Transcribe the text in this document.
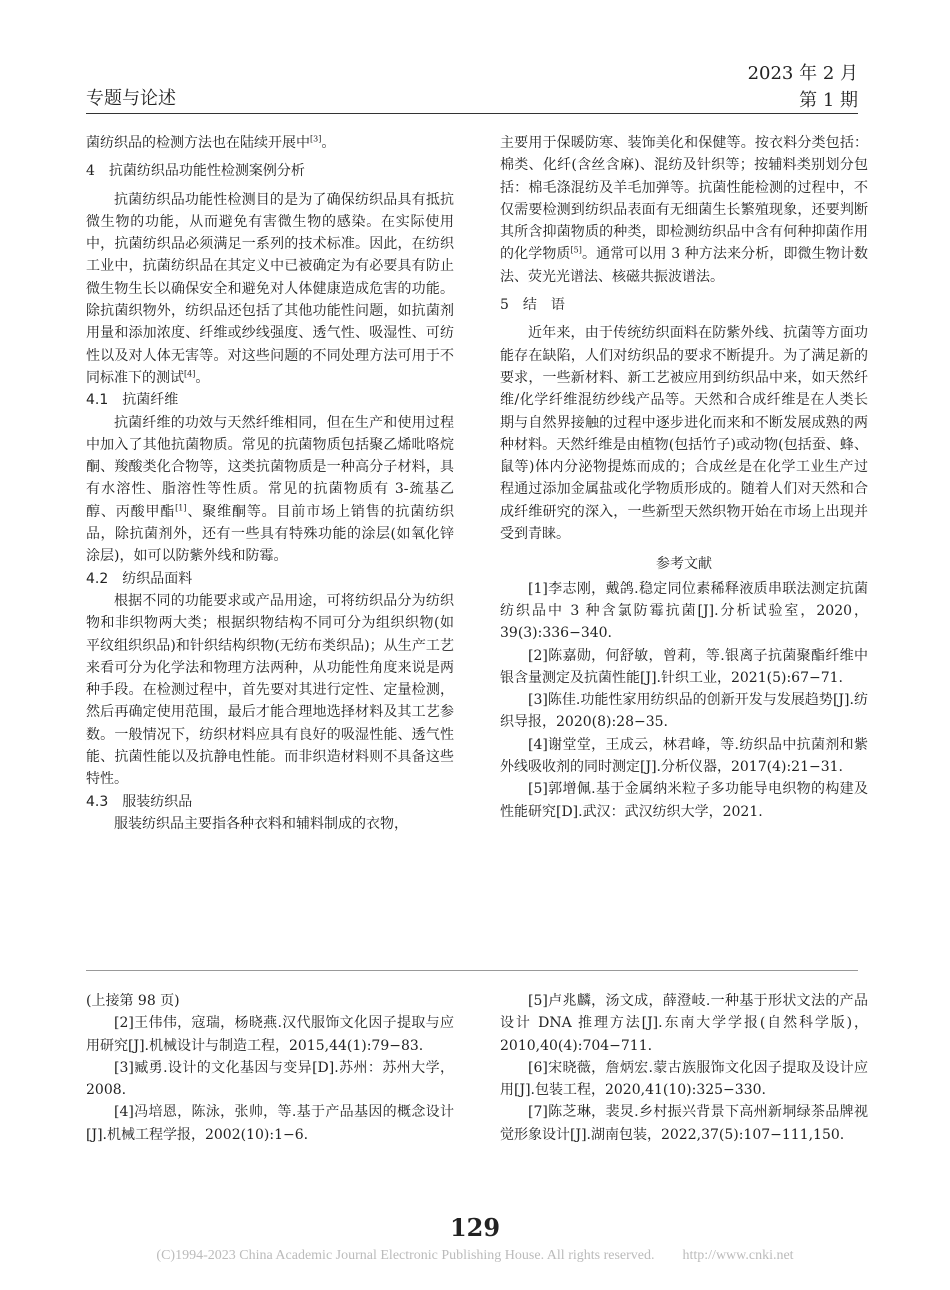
专题与论述
2023 年 2 月
第 1 期

菌纺织品的检测方法也在陆续开展中[3]。

4　抗菌纺织品功能性检测案例分析

抗菌纺织品功能性检测目的是为了确保纺织品具有抵抗微生物的功能，从而避免有害微生物的感染。在实际使用中，抗菌纺织品必须满足一系列的技术标准。因此，在纺织工业中，抗菌纺织品在其定义中已被确定为有必要具有防止微生物生长以确保安全和避免对人体健康造成危害的功能。除抗菌织物外，纺织品还包括了其他功能性问题，如抗菌剂用量和添加浓度、纤维或纱线强度、透气性、吸湿性、可纺性以及对人体无害等。对这些问题的不同处理方法可用于不同标准下的测试[4]。

4.1　抗菌纤维

抗菌纤维的功效与天然纤维相同，但在生产和使用过程中加入了其他抗菌物质。常见的抗菌物质包括聚乙烯吡咯烷酮、羧酸类化合物等，这类抗菌物质是一种高分子材料，具有水溶性、脂溶性等性质。常见的抗菌物质有 3-巯基乙醇、丙酸甲酯[1]、聚维酮等。目前市场上销售的抗菌纺织品，除抗菌剂外，还有一些具有特殊功能的涂层(如氧化锌涂层)，如可以防紫外线和防霉。

4.2　纺织品面料

根据不同的功能要求或产品用途，可将纺织品分为纺织物和非织物两大类；根据织物结构不同可分为组织织物(如平纹组织织品)和针织结构织物(无纺布类织品)；从生产工艺来看可分为化学法和物理方法两种，从功能性角度来说是两种手段。在检测过程中，首先要对其进行定性、定量检测，然后再确定使用范围，最后才能合理地选择材料及其工艺参数。一般情况下，纺织材料应具有良好的吸湿性能、透气性能、抗菌性能以及抗静电性能。而非织造材料则不具备这些特性。

4.3　服装纺织品

服装纺织品主要指各种衣料和辅料制成的衣物，

主要用于保暖防寒、装饰美化和保健等。按衣料分类包括：棉类、化纤(含丝含麻)、混纺及针织等；按辅料类别划分包括：棉毛涤混纺及羊毛加弹等。抗菌性能检测的过程中，不仅需要检测到纺织品表面有无细菌生长繁殖现象，还要判断其所含抑菌物质的种类，即检测纺织品中含有何种抑菌作用的化学物质[5]。通常可以用 3 种方法来分析，即微生物计数法、荧光光谱法、核磁共振波谱法。

5　结　语

近年来，由于传统纺织面料在防紫外线、抗菌等方面功能存在缺陷，人们对纺织品的要求不断提升。为了满足新的要求，一些新材料、新工艺被应用到纺织品中来，如天然纤维/化学纤维混纺纱线产品等。天然和合成纤维是在人类长期与自然界接触的过程中逐步进化而来和不断发展成熟的两种材料。天然纤维是由植物(包括竹子)或动物(包括蚕、蜂、鼠等)体内分泌物提炼而成的；合成丝是在化学工业生产过程通过添加金属盐或化学物质形成的。随着人们对天然和合成纤维研究的深入，一些新型天然织物开始在市场上出现并受到青睐。

参考文献

[1]李志刚，戴鸽.稳定同位素稀释液质串联法测定抗菌纺织品中 3 种含氯防霉抗菌[J].分析试验室，2020，39(3):336−340.

[2]陈嘉勋，何舒敏，曾莉，等.银离子抗菌聚酯纤维中银含量测定及抗菌性能[J].针织工业，2021(5):67−71.

[3]陈佳.功能性家用纺织品的创新开发与发展趋势[J].纺织导报，2020(8):28−35.

[4]谢堂堂，王成云，林君峰，等.纺织品中抗菌剂和紫外线吸收剂的同时测定[J].分析仪器，2017(4):21−31.

[5]郭增佩.基于金属纳米粒子多功能导电织物的构建及性能研究[D].武汉：武汉纺织大学，2021.

(上接第 98 页)

[2]王伟伟，寇瑞，杨晓燕.汉代服饰文化因子提取与应用研究[J].机械设计与制造工程，2015,44(1):79−83.

[3]臧勇.设计的文化基因与变异[D].苏州：苏州大学，2008.

[4]冯培恩，陈泳，张帅，等.基于产品基因的概念设计[J].机械工程学报，2002(10):1−6.

[5]卢兆麟，汤文成，薛澄岐.一种基于形状文法的产品设计 DNA 推理方法[J].东南大学学报(自然科学版)，2010,40(4):704−711.

[6]宋晓薇，詹炳宏.蒙古族服饰文化因子提取及设计应用[J].包装工程，2020,41(10):325−330.

[7]陈芝琳，裴炅.乡村振兴背景下高州新垌绿茶品牌视觉形象设计[J].湖南包装，2022,37(5):107−111,150.

129
(C)1994-2023 China Academic Journal Electronic Publishing House. All rights reserved.　　http://www.cnki.net
